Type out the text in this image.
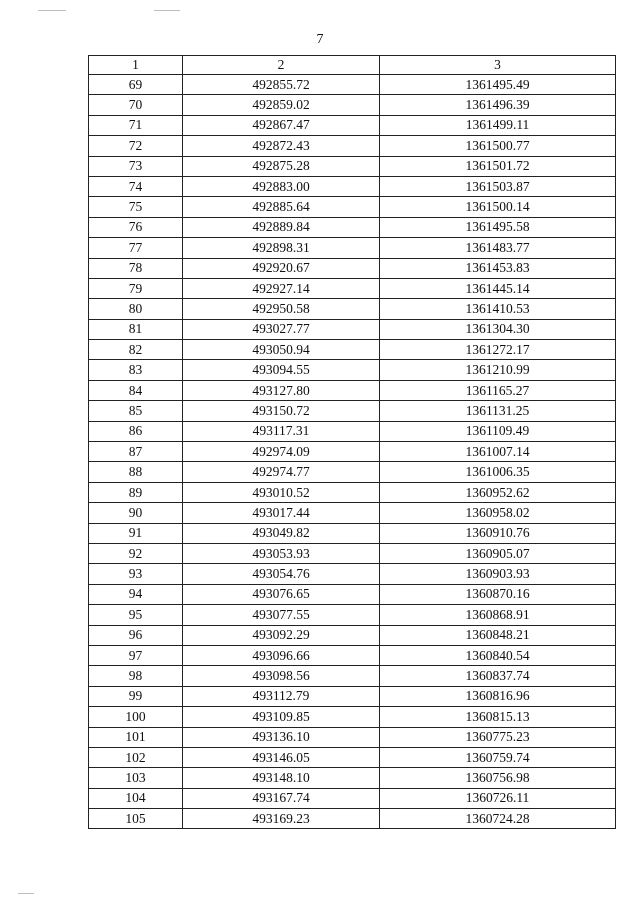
7
1	2	3
69	492855.72	1361495.49
70	492859.02	1361496.39
71	492867.47	1361499.11
72	492872.43	1361500.77
73	492875.28	1361501.72
74	492883.00	1361503.87
75	492885.64	1361500.14
76	492889.84	1361495.58
77	492898.31	1361483.77
78	492920.67	1361453.83
79	492927.14	1361445.14
80	492950.58	1361410.53
81	493027.77	1361304.30
82	493050.94	1361272.17
83	493094.55	1361210.99
84	493127.80	1361165.27
85	493150.72	1361131.25
86	493117.31	1361109.49
87	492974.09	1361007.14
88	492974.77	1361006.35
89	493010.52	1360952.62
90	493017.44	1360958.02
91	493049.82	1360910.76
92	493053.93	1360905.07
93	493054.76	1360903.93
94	493076.65	1360870.16
95	493077.55	1360868.91
96	493092.29	1360848.21
97	493096.66	1360840.54
98	493098.56	1360837.74
99	493112.79	1360816.96
100	493109.85	1360815.13
101	493136.10	1360775.23
102	493146.05	1360759.74
103	493148.10	1360756.98
104	493167.74	1360726.11
105	493169.23	1360724.28
